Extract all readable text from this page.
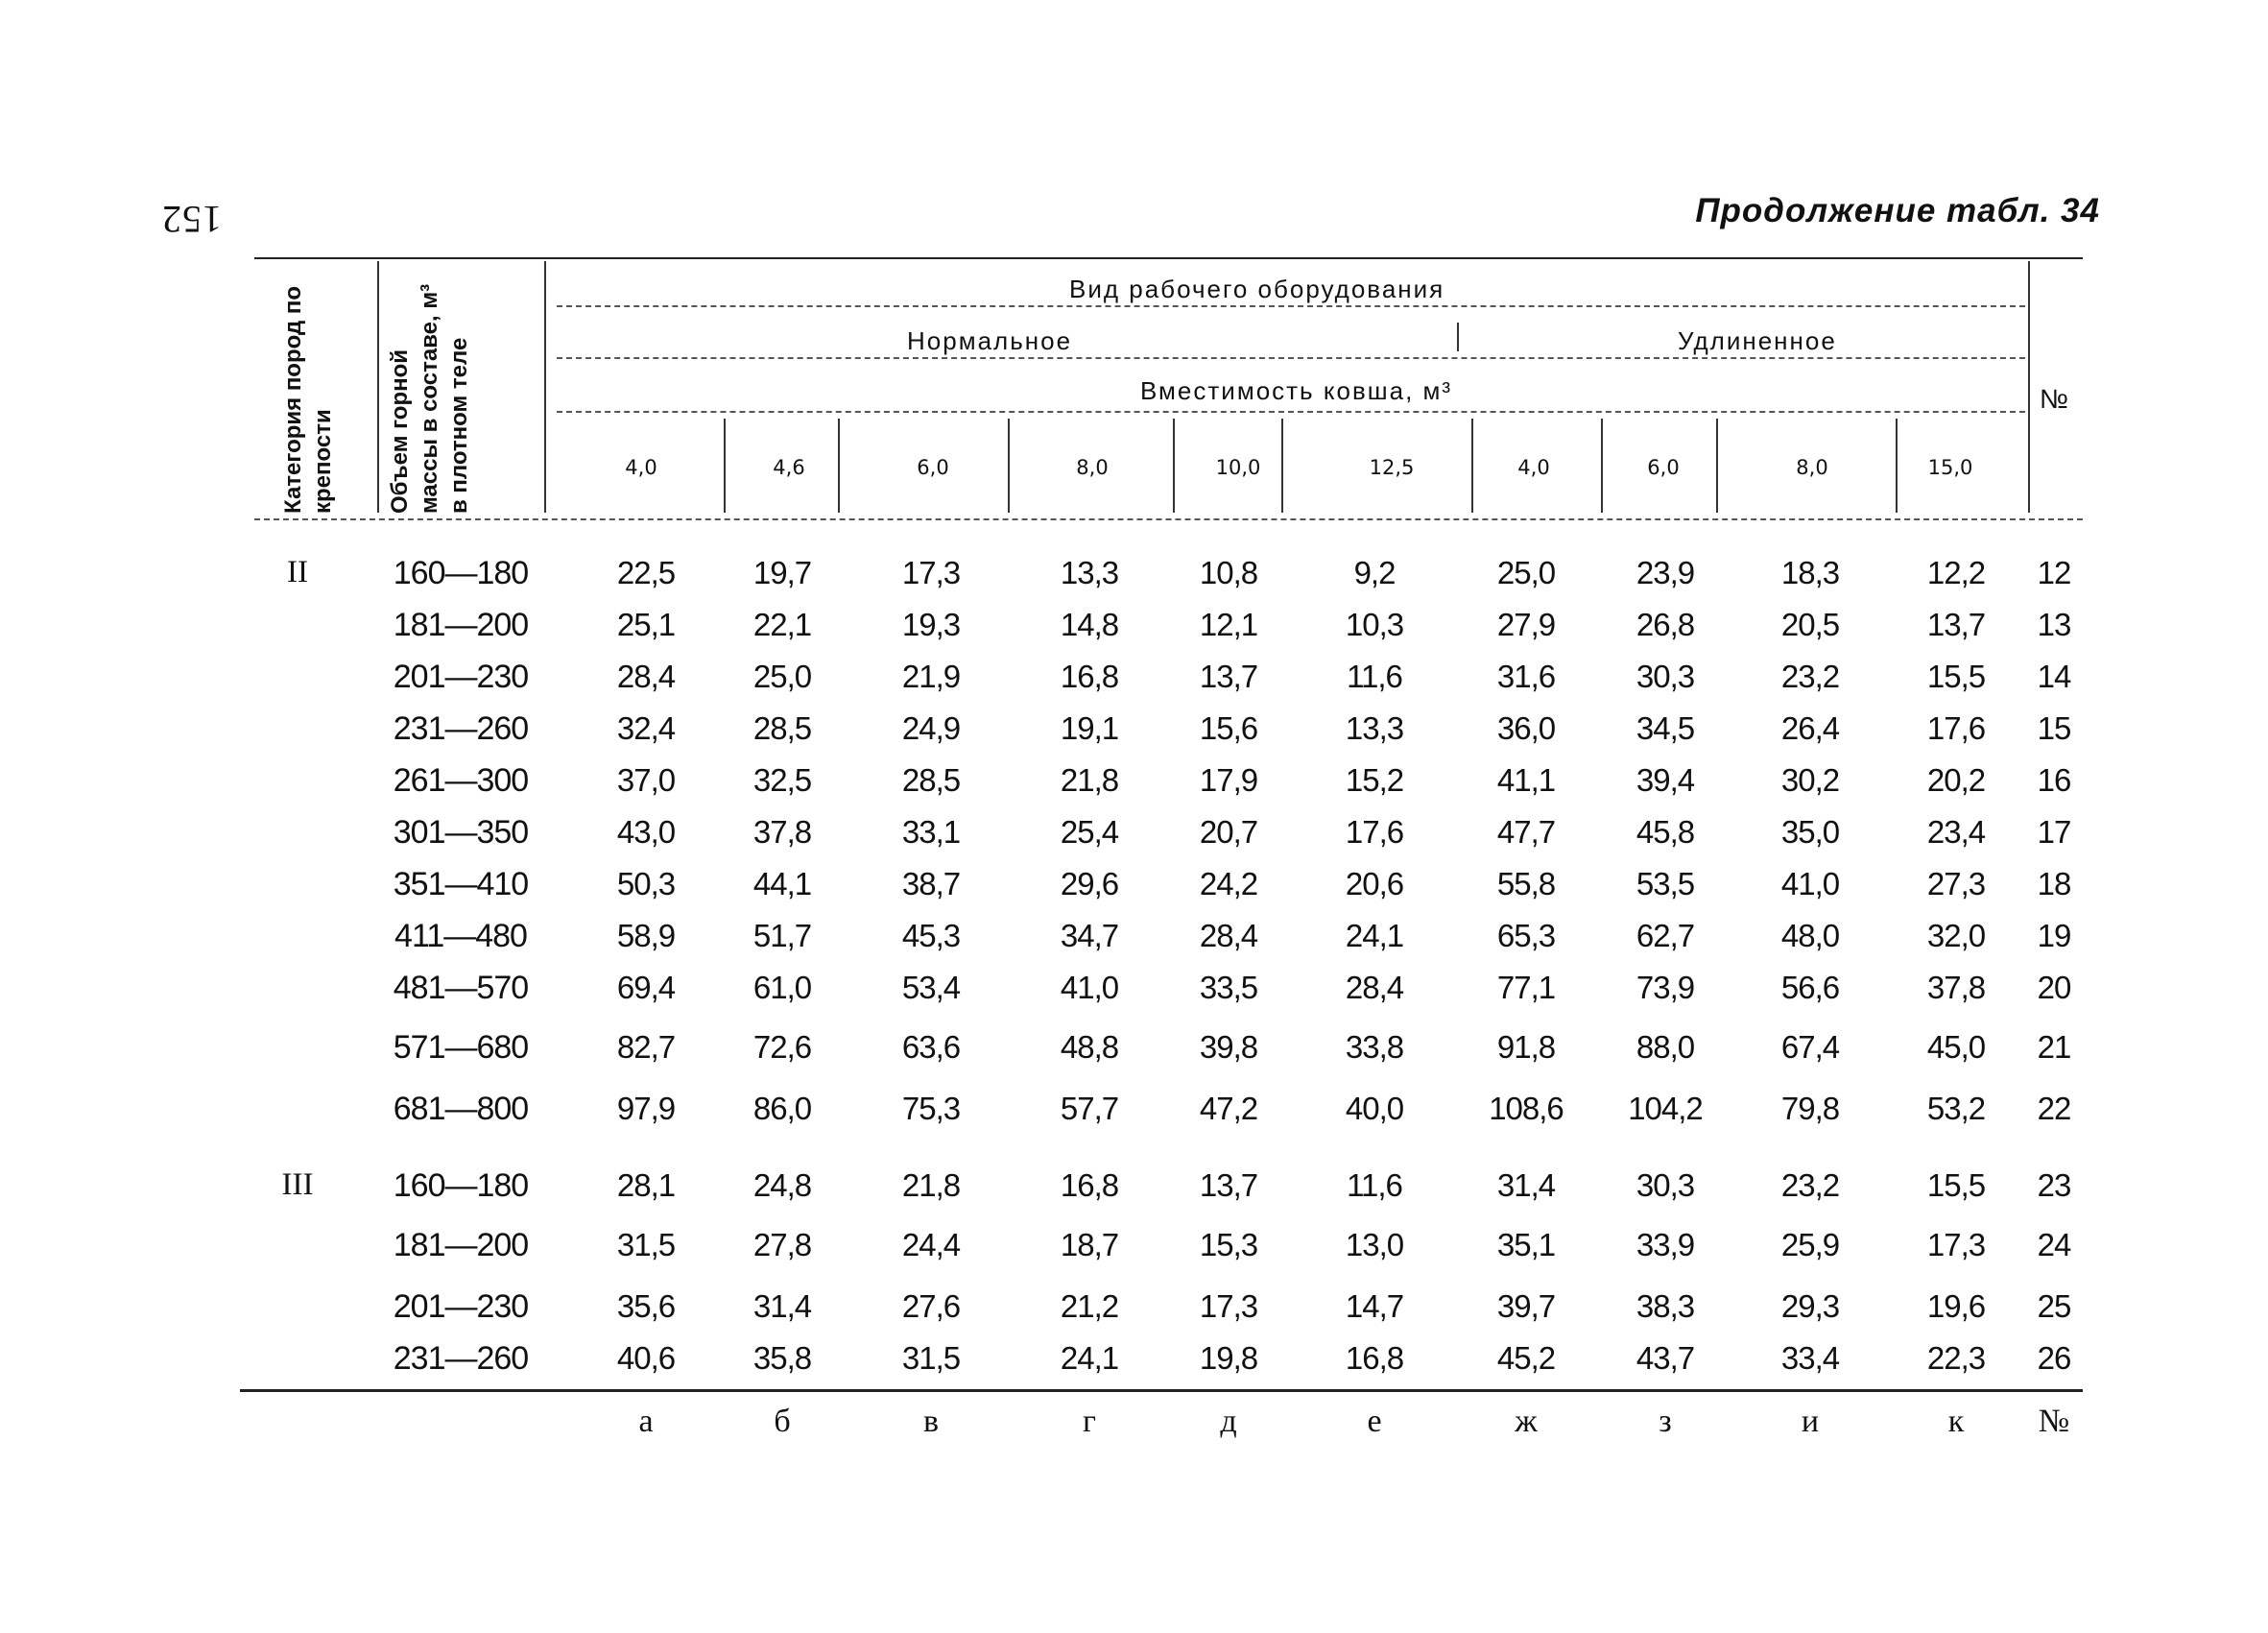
152	Продолжение табл. 34
Категория пород по крепости	Объем горной массы в составе, м³ в плотном теле
Вид рабочего оборудования
Нормальное	Удлиненное
Вместимость ковша, м³	№
4,0	4,6	6,0	8,0	10,0	12,5	4,0	6,0	8,0	15,0
II	160—180	22,5	19,7	17,3	13,3	10,8	9,2	25,0	23,9	18,3	12,2	12
181—200	25,1	22,1	19,3	14,8	12,1	10,3	27,9	26,8	20,5	13,7	13
201—230	28,4	25,0	21,9	16,8	13,7	11,6	31,6	30,3	23,2	15,5	14
231—260	32,4	28,5	24,9	19,1	15,6	13,3	36,0	34,5	26,4	17,6	15
261—300	37,0	32,5	28,5	21,8	17,9	15,2	41,1	39,4	30,2	20,2	16
301—350	43,0	37,8	33,1	25,4	20,7	17,6	47,7	45,8	35,0	23,4	17
351—410	50,3	44,1	38,7	29,6	24,2	20,6	55,8	53,5	41,0	27,3	18
411—480	58,9	51,7	45,3	34,7	28,4	24,1	65,3	62,7	48,0	32,0	19
481—570	69,4	61,0	53,4	41,0	33,5	28,4	77,1	73,9	56,6	37,8	20
571—680	82,7	72,6	63,6	48,8	39,8	33,8	91,8	88,0	67,4	45,0	21
681—800	97,9	86,0	75,3	57,7	47,2	40,0	108,6	104,2	79,8	53,2	22
III	160—180	28,1	24,8	21,8	16,8	13,7	11,6	31,4	30,3	23,2	15,5	23
181—200	31,5	27,8	24,4	18,7	15,3	13,0	35,1	33,9	25,9	17,3	24
201—230	35,6	31,4	27,6	21,2	17,3	14,7	39,7	38,3	29,3	19,6	25
231—260	40,6	35,8	31,5	24,1	19,8	16,8	45,2	43,7	33,4	22,3	26
а	б	в	г	д	е	ж	з	и	к	№
